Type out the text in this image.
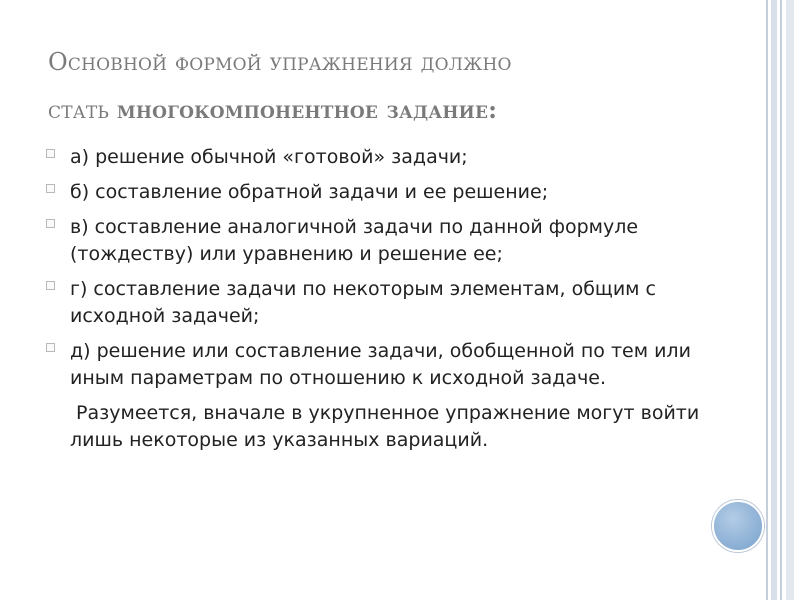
Основной формой упражнения должно
стать многокомпонентное задание:
а) решение обычной «готовой» задачи;
б) составление обратной задачи и ее решение;
в) составление аналогичной задачи по данной формуле (тождеству) или уравнению и решение ее;
г) составление задачи по некоторым элементам, общим с исходной задачей;
д) решение или составление задачи, обобщенной по тем или иным параметрам по отношению к исходной задаче.
Разумеется, вначале в укрупненное упражнение могут войти лишь некоторые из указанных вариаций.
